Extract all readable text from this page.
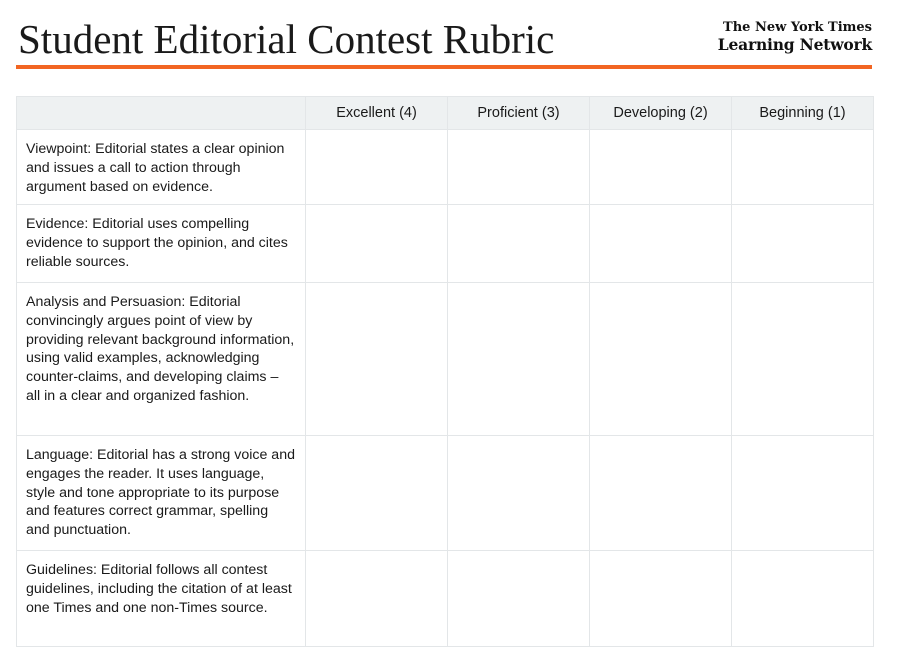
Student Editorial Contest Rubric	The New York Times
Learning Network
	Excellent (4)	Proficient (3)	Developing (2)	Beginning (1)

Viewpoint: Editorial states a clear opinion and issues a call to action through argument based on evidence.				

Evidence: Editorial uses compelling evidence to support the opinion, and cites reliable sources.				

Analysis and Persuasion: Editorial convincingly argues point of view by providing relevant background information, using valid examples, acknowledging counter-claims, and developing claims – all in a clear and organized fashion.				

Language: Editorial has a strong voice and engages the reader. It uses language, style and tone appropriate to its purpose and features correct grammar, spelling and punctuation.				

Guidelines: Editorial follows all contest guidelines, including the citation of at least one Times and one non-Times source.				
